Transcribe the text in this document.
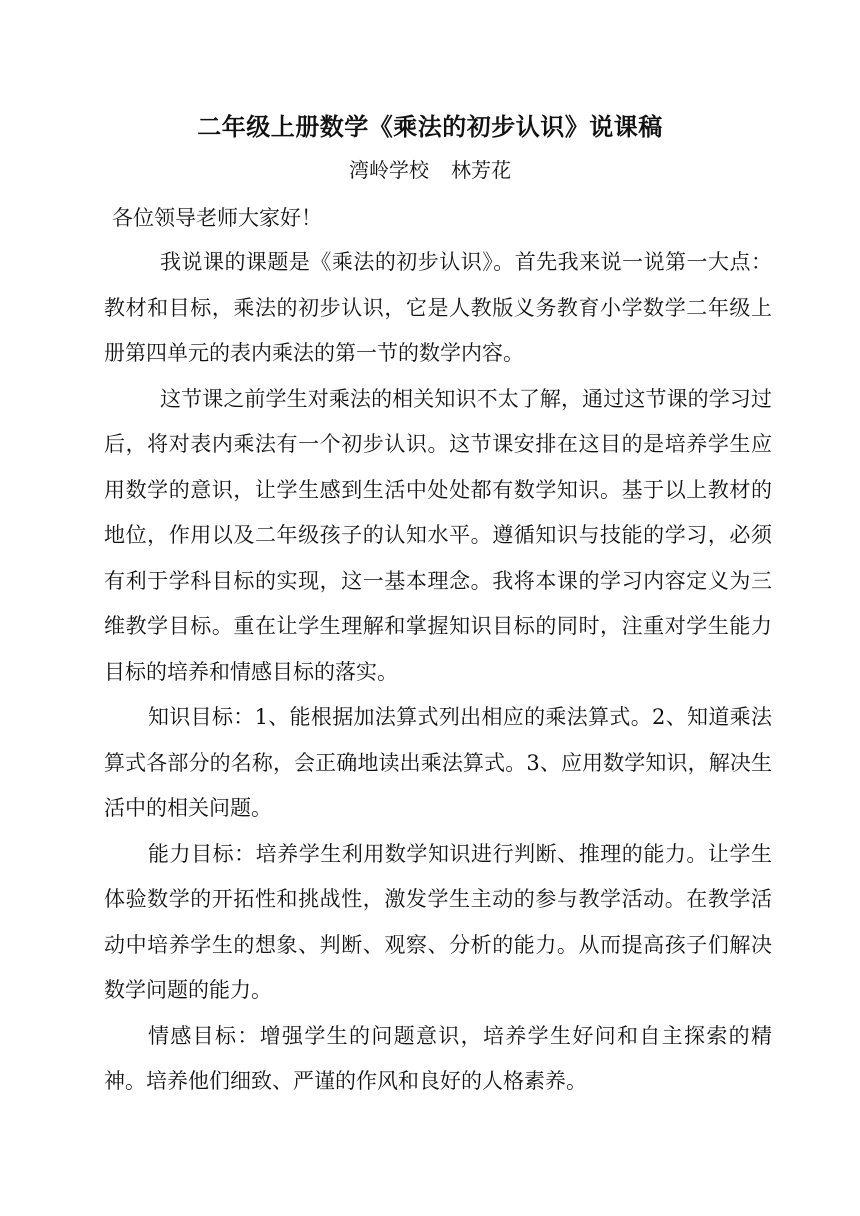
二年级上册数学《乘法的初步认识》说课稿
湾岭学校 林芳花
各位领导老师大家好！

我说课的课题是《乘法的初步认识》。首先我来说一说第一大点：教材和目标，乘法的初步认识，它是人教版义务教育小学数学二年级上册第四单元的表内乘法的第一节的数学内容。

这节课之前学生对乘法的相关知识不太了解，通过这节课的学习过后，将对表内乘法有一个初步认识。这节课安排在这目的是培养学生应用数学的意识，让学生感到生活中处处都有数学知识。基于以上教材的地位，作用以及二年级孩子的认知水平。遵循知识与技能的学习，必须有利于学科目标的实现，这一基本理念。我将本课的学习内容定义为三维教学目标。重在让学生理解和掌握知识目标的同时，注重对学生能力目标的培养和情感目标的落实。

知识目标：1、能根据加法算式列出相应的乘法算式。2、知道乘法算式各部分的名称，会正确地读出乘法算式。3、应用数学知识，解决生活中的相关问题。

能力目标：培养学生利用数学知识进行判断、推理的能力。让学生体验数学的开拓性和挑战性，激发学生主动的参与教学活动。在教学活动中培养学生的想象、判断、观察、分析的能力。从而提高孩子们解决数学问题的能力。

情感目标：增强学生的问题意识，培养学生好问和自主探索的精神。培养他们细致、严谨的作风和良好的人格素养。
